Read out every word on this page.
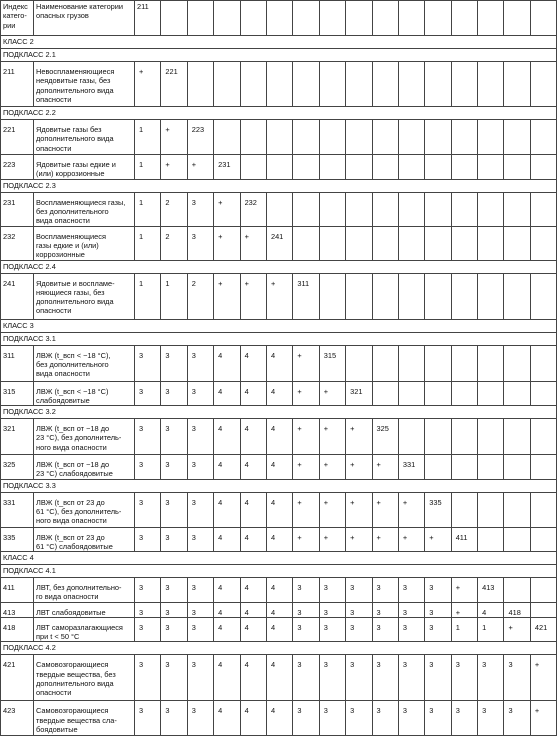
Индекс
катего-
рии	Наименование категории
опасных грузов	211															
КЛАСС 2																	
ПОДКЛАСС 2.1																	
211	Невоспламеняющиеся
неядовитые газы, без
дополнительного вида
опасности	+	221														
ПОДКЛАСС 2.2																	
221	Ядовитые газы без
дополнительного вида
опасности	1	+	223													
223	Ядовитые газы едкие и
(или) коррозионные	1	+	+	231												
ПОДКЛАСС 2.3																	
231	Воспламеняющиеся газы,
без дополнительного
вида опасности	1	2	3	+	232											
232	Воспламеняющиеся
газы едкие и (или)
коррозионные	1	2	3	+	+	241										
ПОДКЛАСС 2.4																	
241	Ядовитые и воспламе-
няющиеся газы, без
дополнительного вида
опасности	1	1	2	+	+	+	311									
КЛАСС 3																	
ПОДКЛАСС 3.1																	
311	ЛВЖ (t_всп < −18 °С),
без дополнительного
вида опасности	3	3	3	4	4	4	+	315								
315	ЛВЖ (t_всп < −18 °С)
слабоядовитые	3	3	3	4	4	4	+	+	321							
ПОДКЛАСС 3.2																	
321	ЛВЖ (t_всп от −18 до
23 °С), без дополнитель-
ного вида опасности	3	3	3	4	4	4	+	+	+	325						
325	ЛВЖ (t_всп от −18 до
23 °С) слабоядовитые	3	3	3	4	4	4	+	+	+	+	331					
ПОДКЛАСС 3.3																	
331	ЛВЖ (t_всп от 23 до
61 °С), без дополнитель-
ного вида опасности	3	3	3	4	4	4	+	+	+	+	+	335				
335	ЛВЖ (t_всп от 23 до
61 °С) слабоядовитые	3	3	3	4	4	4	+	+	+	+	+	+	411			
КЛАСС 4																	
ПОДКЛАСС 4.1																	
411	ЛВТ, без дополнительно-
го вида опасности	3	3	3	4	4	4	3	3	3	3	3	3	+	413		
413	ЛВТ слабоядовитые	3	3	3	4	4	4	3	3	3	3	3	3	+	4	418	
418	ЛВТ саморазлагающиеся
при t < 50 °С	3	3	3	4	4	4	3	3	3	3	3	3	1	1	+	421
ПОДКЛАСС 4.2																	
421	Самовозгорающиеся
твердые вещества, без
дополнительного вида
опасности	3	3	3	4	4	4	3	3	3	3	3	3	3	3	3	+
423	Самовозгорающиеся
твердые вещества сла-
боядовитые	3	3	3	4	4	4	3	3	3	3	3	3	3	3	3	+
